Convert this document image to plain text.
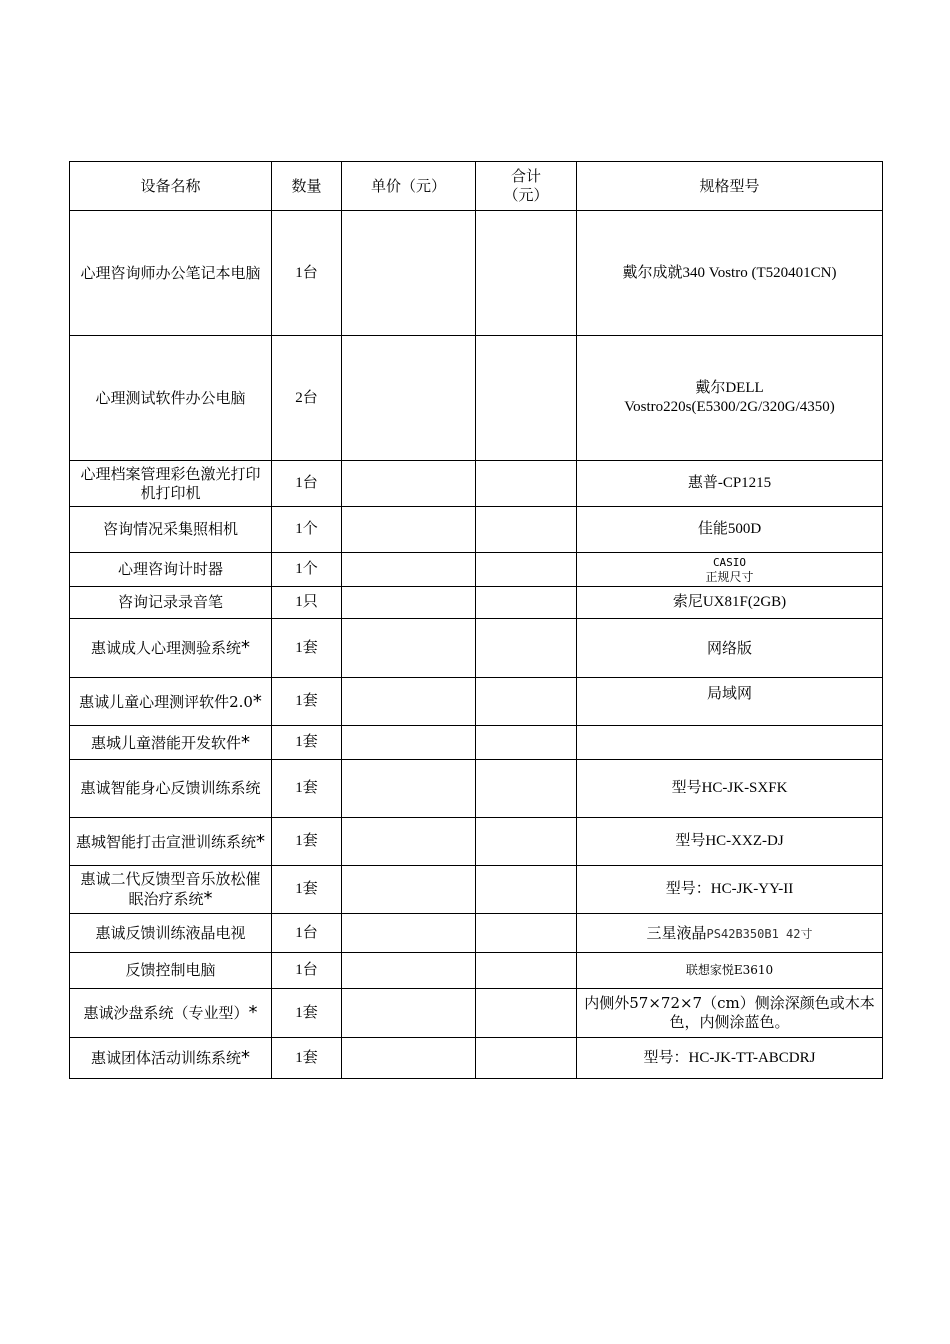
设备名称	数量	单价（元）	合计（元）	规格型号
心理咨询师办公笔记本电脑	1台			戴尔成就340 Vostro (T520401CN)
心理测试软件办公电脑	2台			戴尔DELL Vostro220s(E5300/2G/320G/4350)
心理档案管理彩色激光打印机打印机	1台			惠普-CP1215
咨询情况采集照相机	1个			佳能500D
心理咨询计时器	1个			CASIO
正规尺寸

咨询记录录音笔	1只			索尼UX81F(2GB)
惠诚成人心理测验系统*	1套			网络版
惠诚儿童心理测评软件2.0*	1套			局域网
惠城儿童潜能开发软件*	1套			
惠诚智能身心反馈训练系统	1套			型号HC-JK-SXFK
惠城智能打击宣泄训练系统*	1套			型号HC-XXZ-DJ
惠诚二代反馈型音乐放松催眠治疗系统*	1套			型号：HC-JK-YY-II
惠诚反馈训练液晶电视	1台			三星液晶PS42B350B1 42寸
反馈控制电脑	1台			联想家悦E3610
惠诚沙盘系统（专业型）*	1套			内侧外57×72×7（cm）侧涂深颜色或木本色，内侧涂蓝色。
惠诚团体活动训练系统*	1套			型号：HC-JK-TT-ABCDRJ
